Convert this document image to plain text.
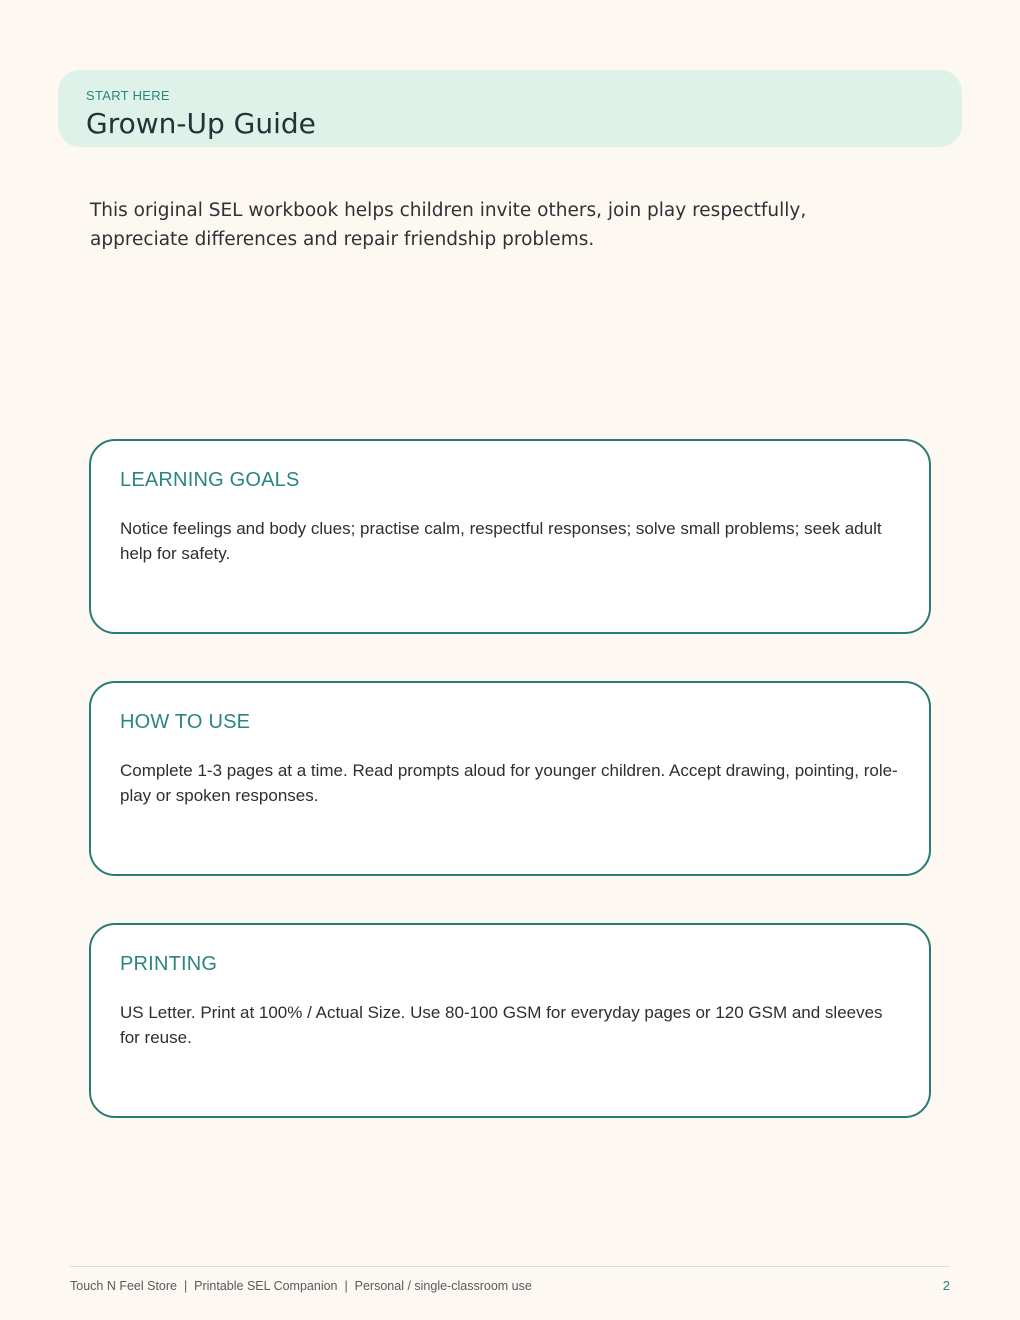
START HERE
Grown-Up Guide
This original SEL workbook helps children invite others, join play respectfully, appreciate differences and repair friendship problems.
LEARNING GOALS
Notice feelings and body clues; practise calm, respectful responses; solve small problems; seek adult help for safety.
HOW TO USE
Complete 1-3 pages at a time. Read prompts aloud for younger children. Accept drawing, pointing, role-play or spoken responses.
PRINTING
US Letter. Print at 100% / Actual Size. Use 80-100 GSM for everyday pages or 120 GSM and sleeves for reuse.
Touch N Feel Store  |  Printable SEL Companion  |  Personal / single-classroom use	2
